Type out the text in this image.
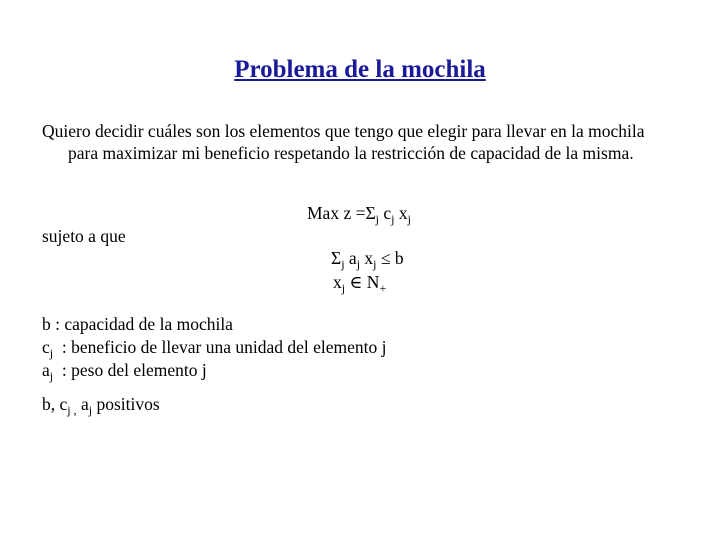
Problema de la mochila
Quiero decidir cuáles son los elementos que tengo que elegir para llevar en la mochila
para maximizar mi beneficio respetando la restricción de capacidad de la misma.
Max $z =\Sigma_j$ $c_j$ $x_j$
sujeto a que
$\Sigma_j$ $a_j$ $x_j \le b$
$x_j$ ∈ $N_+$
b : capacidad de la mochila
$c_j$  : beneficio de llevar una unidad del elemento j
$a_j$  : peso del elemento j
b, $c_{j ,}$ $a_j$ positivos
